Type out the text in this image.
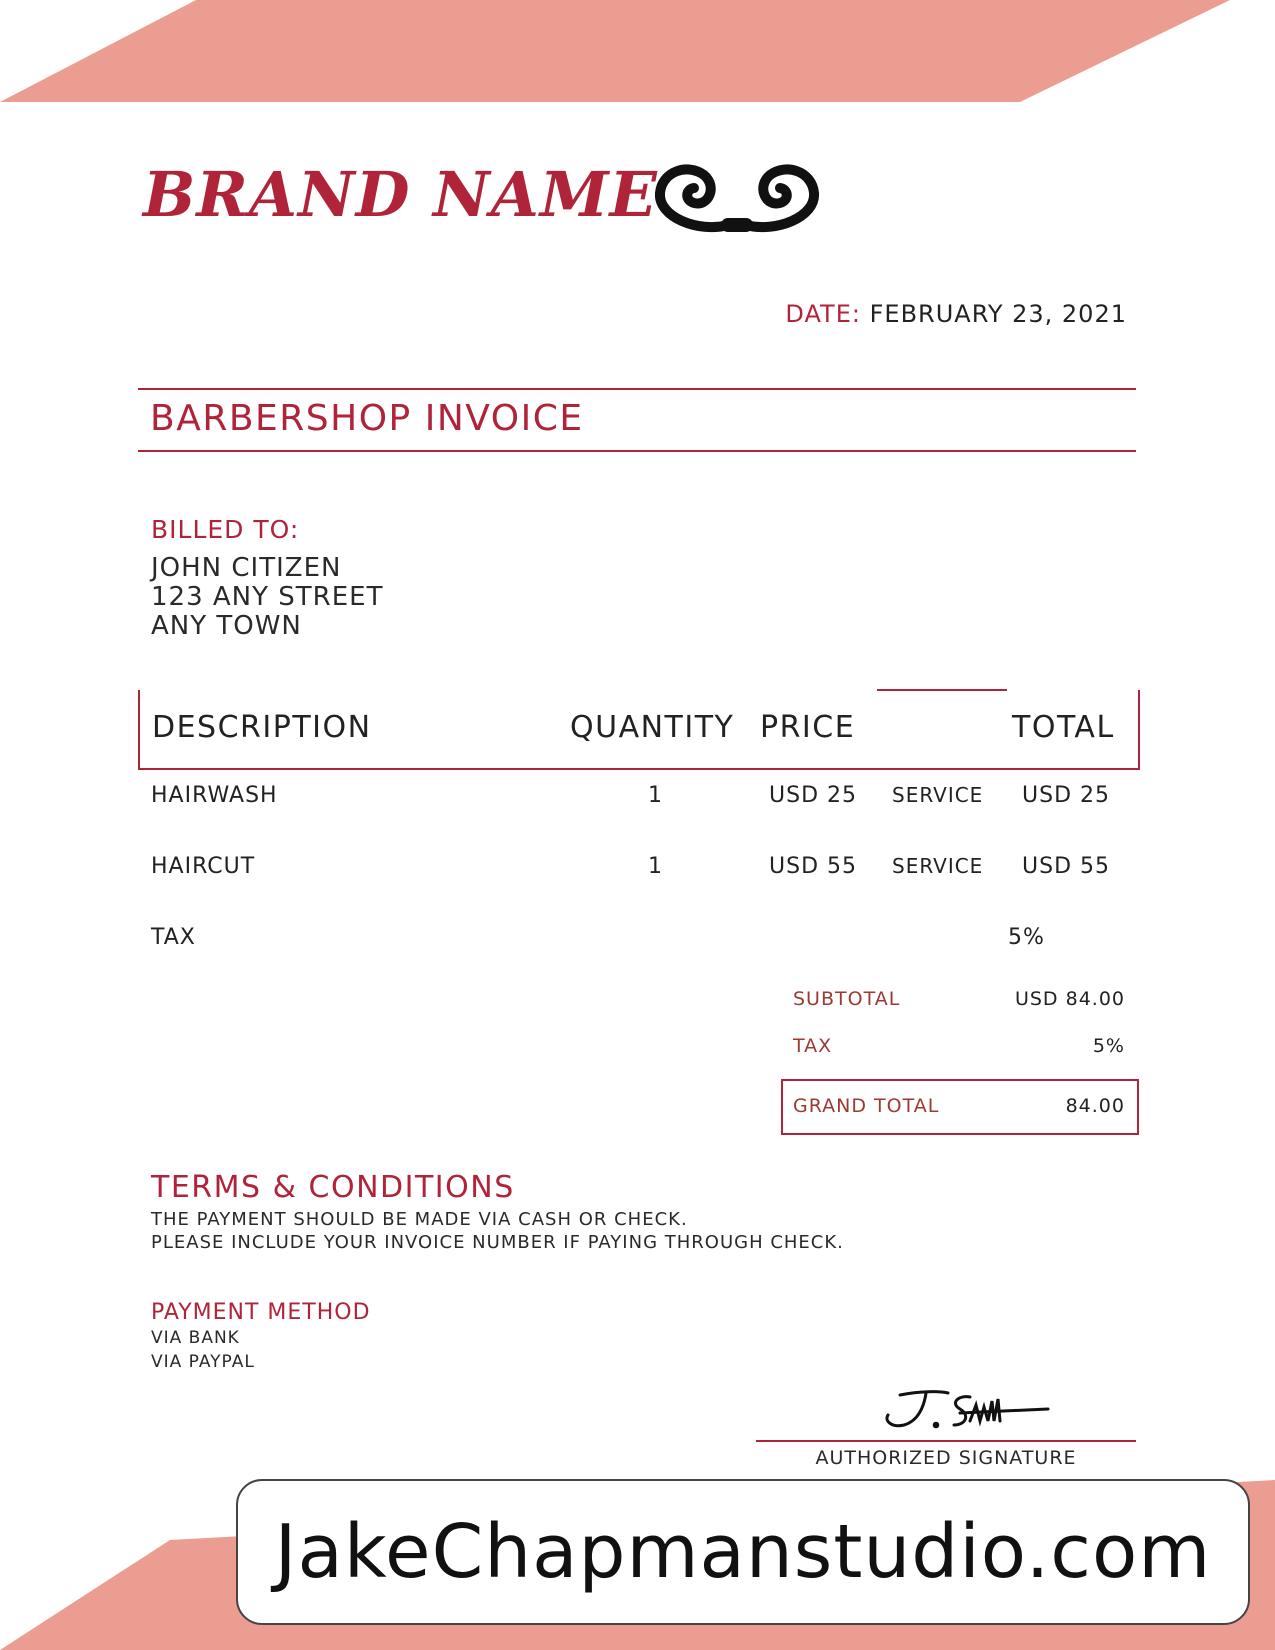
BRAND NAME
DATE: FEBRUARY 23, 2021
BARBERSHOP INVOICE
BILLED TO:
JOHN CITIZEN
123 ANY STREET
ANY TOWN
DESCRIPTION	QUANTITY PRICE	TOTAL
HAIRWASH	1	USD 25 SERVICE USD 25
HAIRCUT	1	USD 55 SERVICE USD 55
TAX	5%
SUBTOTAL	USD 84.00
TAX	5%
GRAND TOTAL	84.00
TERMS & CONDITIONS
THE PAYMENT SHOULD BE MADE VIA CASH OR CHECK.
PLEASE INCLUDE YOUR INVOICE NUMBER IF PAYING THROUGH CHECK.
PAYMENT METHOD
VIA BANK
VIA PAYPAL
AUTHORIZED SIGNATURE
JakeChapmanstudio.com
